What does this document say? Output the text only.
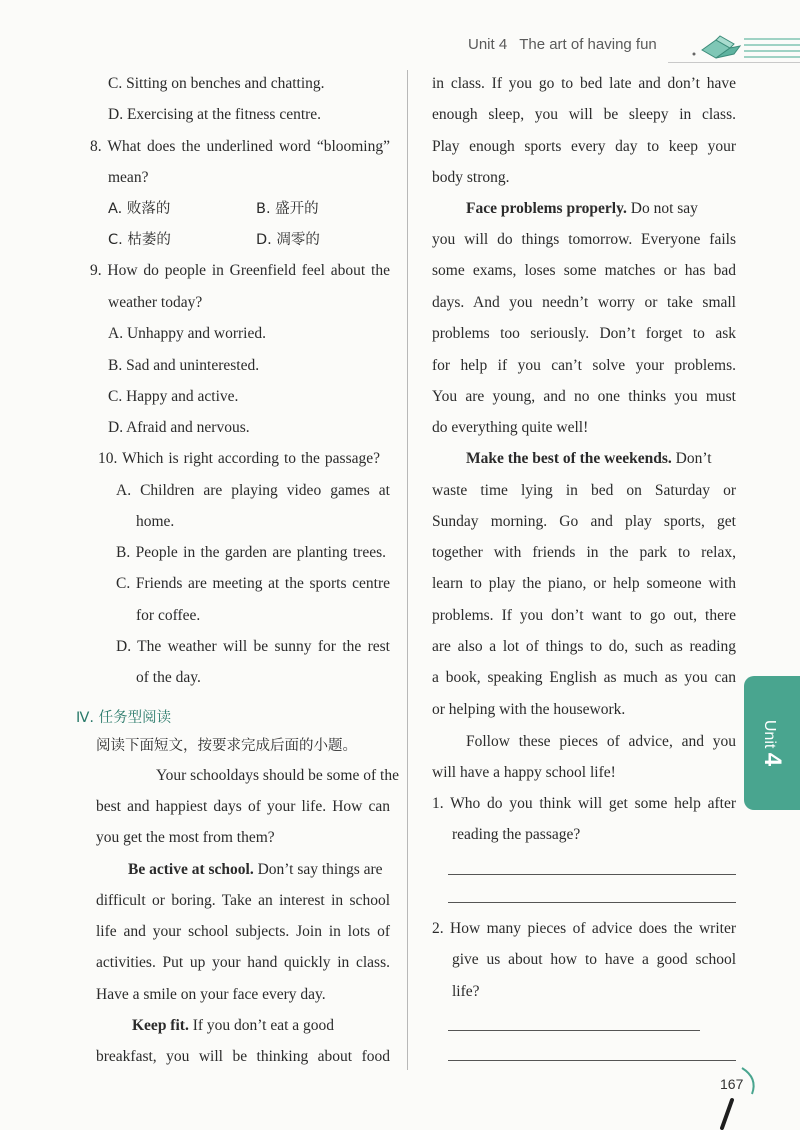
Unit 4 The art of having fun
C. Sitting on benches and chatting.
D. Exercising at the fitness centre.
8. What does the underlined word “blooming”
mean?
A. 败落的	B. 盛开的
C. 枯萎的	D. 凋零的
9. How do people in Greenfield feel about the
weather today?
A. Unhappy and worried.
B. Sad and uninterested.
C. Happy and active.
D. Afraid and nervous.
10. Which is right according to the passage?
A. Children are playing video games at
home.
B. People in the garden are planting trees.
C. Friends are meeting at the sports centre
for coffee.
D. The weather will be sunny for the rest
of the day.
Ⅳ. 任务型阅读
阅读下面短文，按要求完成后面的小题。
Your schooldays should be some of the
best and happiest days of your life. How can
you get the most from them?
Be active at school. Don’t say things are
difficult or boring. Take an interest in school
life and your school subjects. Join in lots of
activities. Put up your hand quickly in class.
Have a smile on your face every day.
Keep fit. If you don’t eat a good
breakfast, you will be thinking about food
in class. If you go to bed late and don’t have
enough sleep, you will be sleepy in class.
Play enough sports every day to keep your
body strong.
Face problems properly. Do not say
you will do things tomorrow. Everyone fails
some exams, loses some matches or has bad
days. And you needn’t worry or take small
problems too seriously. Don’t forget to ask
for help if you can’t solve your problems.
You are young, and no one thinks you must
do everything quite well!
Make the best of the weekends. Don’t
waste time lying in bed on Saturday or
Sunday morning. Go and play sports, get
together with friends in the park to relax,
learn to play the piano, or help someone with
problems. If you don’t want to go out, there
are also a lot of things to do, such as reading
a book, speaking English as much as you can
or helping with the housework.
Follow these pieces of advice, and you
will have a happy school life!
1. Who do you think will get some help after
reading the passage?
2. How many pieces of advice does the writer
give us about how to have a good school
life?
Unit 4
167
